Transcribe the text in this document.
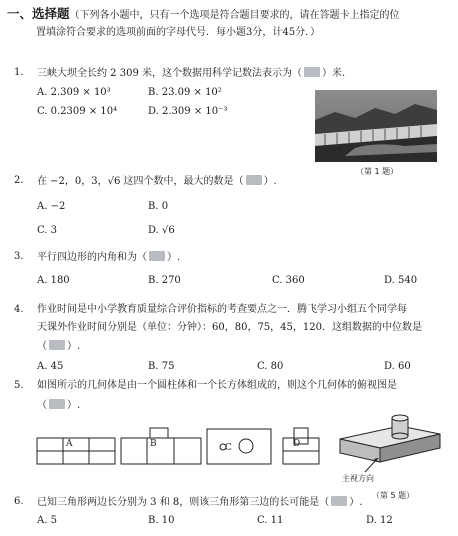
一、选择题（下列各小题中，只有一个选项是符合题目要求的，请在答题卡上指定的位
置填涂符合要求的选项前面的字母代号．每小题3分，计45分．）
1. 三峡大坝全长约 2 309 米，这个数据用科学记数法表示为（ ）米.
A. 2.309 × 10³	B. 23.09 × 10²
C. 0.2309 × 10⁴	D. 2.309 × 10⁻³
（第 1 题）
2. 在 −2，0，3，√6 这四个数中，最大的数是（ ）.
A. −2	B. 0
C. 3	D. √6
3. 平行四边形的内角和为（ ）.
A. 180	B. 270	C. 360	D. 540
4. 作业时间是中小学教育质量综合评价指标的考查要点之一．腾飞学习小组五个同学每
天课外作业时间分别是（单位：分钟）：60，80，75，45，120．这组数据的中位数是
（ ）.
A. 45	B. 75	C. 80	D. 60
5. 如图所示的几何体是由一个圆柱体和一个长方体组成的，则这个几何体的俯视图是
（ ）.
A	B	C	D
主视方向
（第 5 题）
6. 已知三角形两边长分别为 3 和 8，则该三角形第三边的长可能是（ ）.
A. 5	B. 10	C. 11	D. 12
